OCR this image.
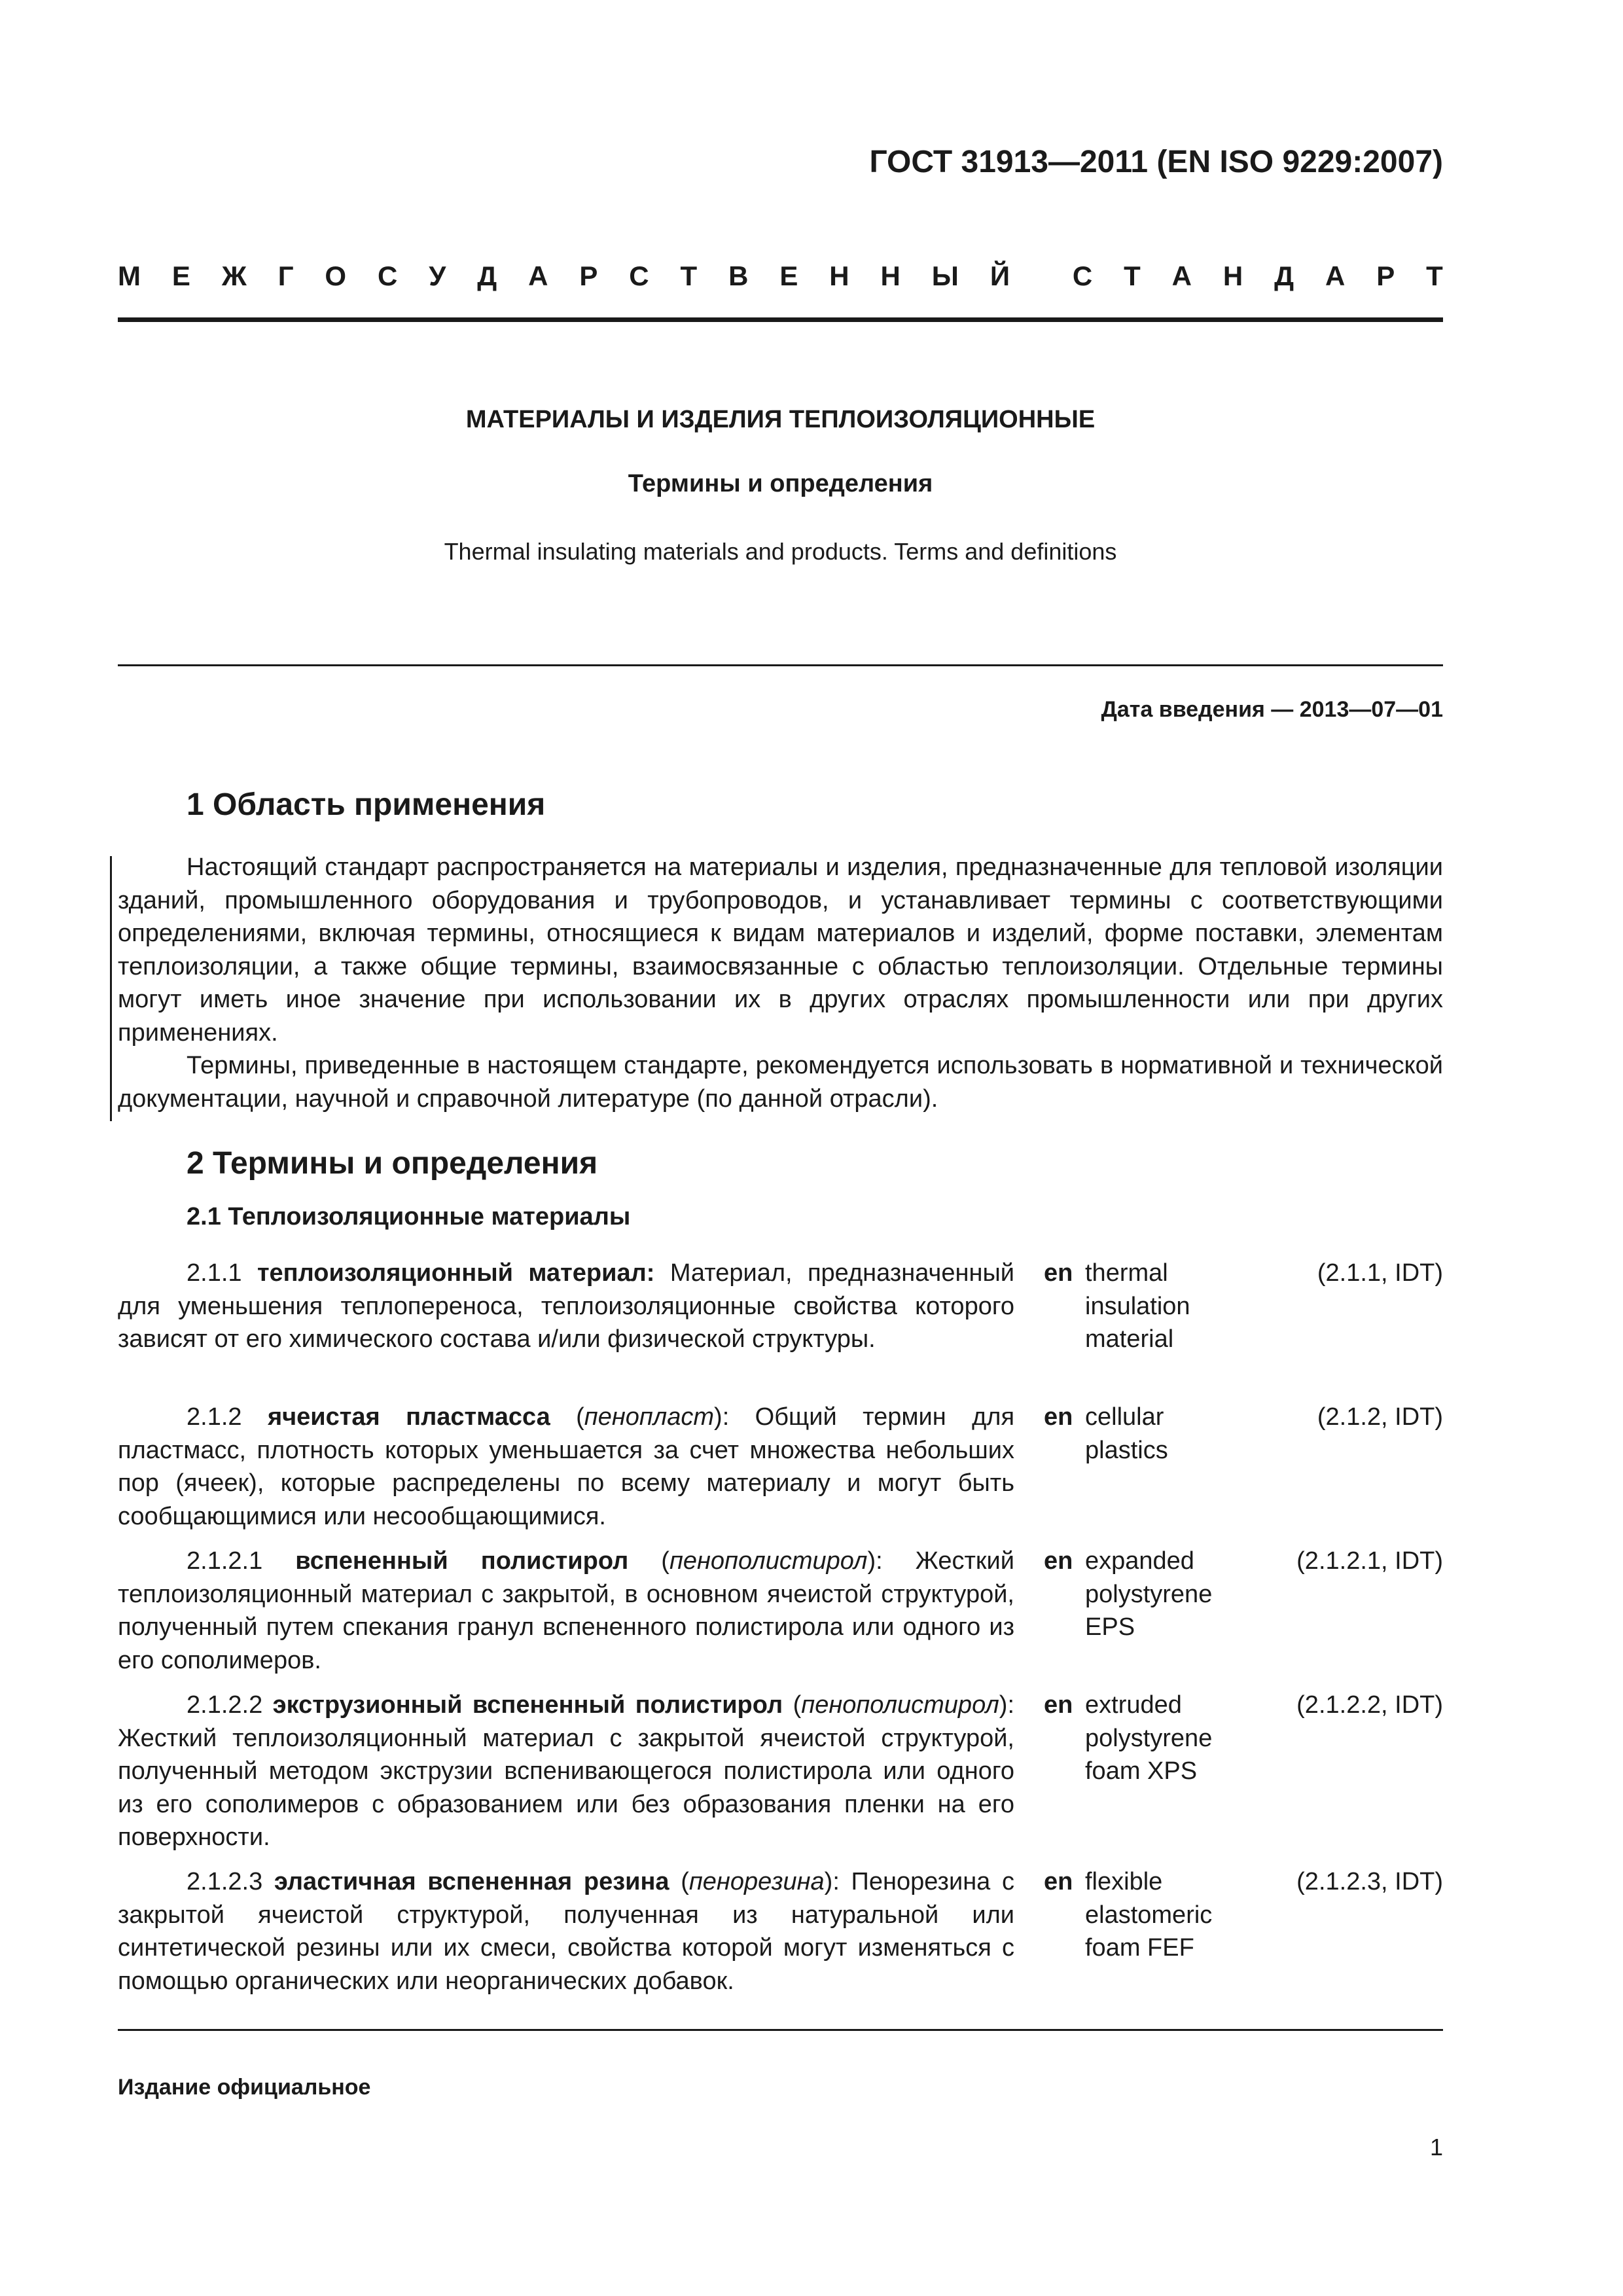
ГОСТ 31913—2011 (EN ISO 9229:2007)
М Е Ж Г О С У Д А Р С Т В Е Н Н Ы Й С Т А Н Д А Р Т
МАТЕРИАЛЫ И ИЗДЕЛИЯ ТЕПЛОИЗОЛЯЦИОННЫЕ
Термины и определения
Thermal insulating materials and products. Terms and definitions
Дата введения — 2013—07—01
1 Область применения

Настоящий стандарт распространяется на материалы и изделия, предназначенные для тепловой изоляции зданий, промышленного оборудования и трубопроводов, и устанавливает термины с соответствующими определениями, включая термины, относящиеся к видам материалов и изделий, форме поставки, элементам теплоизоляции, а также общие термины, взаимосвязанные с областью теплоизоляции. Отдельные термины могут иметь иное значение при использовании их в других отраслях промышленности или при других применениях.

Термины, приведенные в настоящем стандарте, рекомендуется использовать в нормативной и технической документации, научной и справочной литературе (по данной отрасли).

2 Термины и определения
2.1 Теплоизоляционные материалы

2.1.1 теплоизоляционный материал: Материал, предназначенный для уменьшения теплопереноса, теплоизоляционные свойства которого зависят от его химического состава и/или физической структуры.

en thermal insulation material
(2.1.1, IDT)

2.1.2 ячеистая пластмасса (пенопласт): Общий термин для пластмасс, плотность которых уменьшается за счет множества небольших пор (ячеек), которые распределены по всему материалу и могут быть сообщающимися или несообщающимися.

en cellular plastics
(2.1.2, IDT)

2.1.2.1 вспененный полистирол (пенополистирол): Жесткий теплоизоляционный материал с закрытой, в основном ячеистой структурой, полученный путем спекания гранул вспененного полистирола или одного из его сополимеров.

en expanded polystyrene EPS
(2.1.2.1, IDT)

2.1.2.2 экструзионный вспененный полистирол (пенополистирол): Жесткий теплоизоляционный материал с закрытой ячеистой структурой, полученный методом экструзии вспенивающегося полистирола или одного из его сополимеров с образованием или без образования пленки на его поверхности.

en extruded polystyrene foam XPS
(2.1.2.2, IDT)

2.1.2.3 эластичная вспененная резина (пенорезина): Пенорезина с закрытой ячеистой структурой, полученная из натуральной или синтетической резины или их смеси, свойства которой могут изменяться с помощью органических или неорганических добавок.

en flexible elastomeric foam FEF
(2.1.2.3, IDT)
Издание официальное
1
